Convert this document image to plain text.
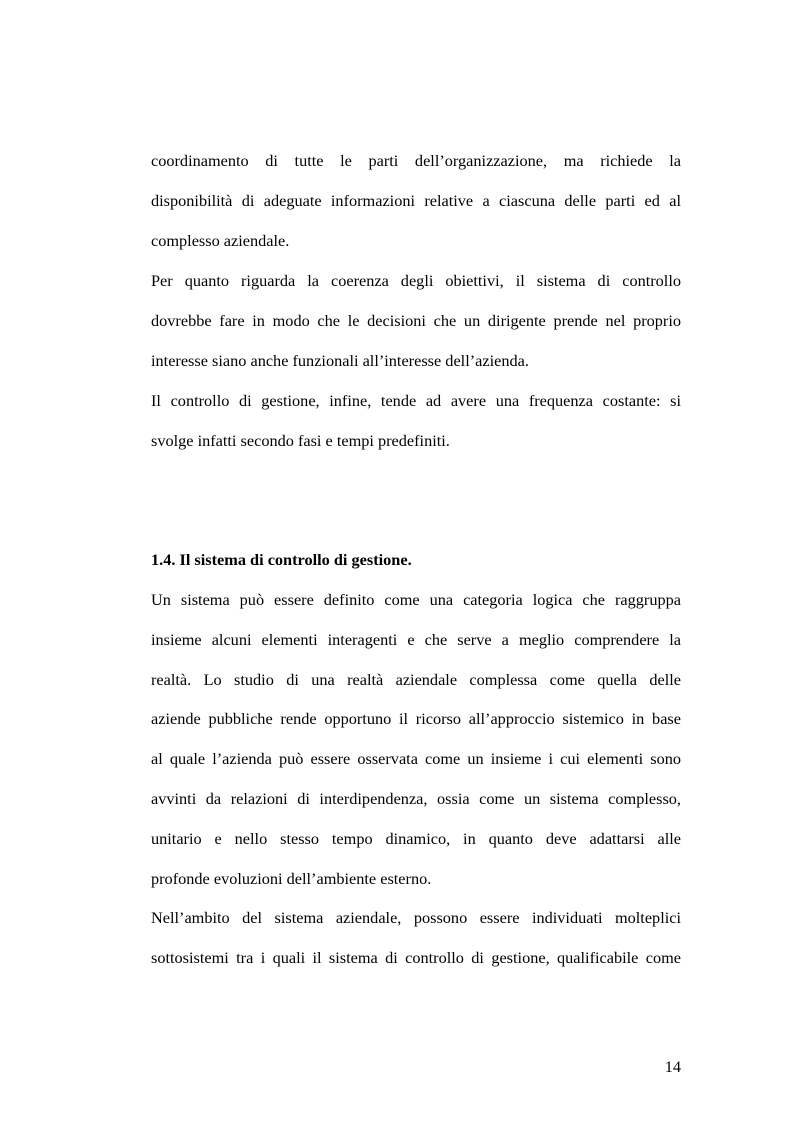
coordinamento di tutte le parti dell’organizzazione, ma richiede la
disponibilità di adeguate informazioni relative a ciascuna delle parti ed al
complesso aziendale.
Per quanto riguarda la coerenza degli obiettivi, il sistema di controllo
dovrebbe fare in modo che le decisioni che un dirigente prende nel proprio
interesse siano anche funzionali all’interesse dell’azienda.
Il controllo di gestione, infine, tende ad avere una frequenza costante: si
svolge infatti secondo fasi e tempi predefiniti.
1.4. Il sistema di controllo di gestione.
Un sistema può essere definito come una categoria logica che raggruppa
insieme alcuni elementi interagenti e che serve a meglio comprendere la
realtà. Lo studio di una realtà aziendale complessa come quella delle
aziende pubbliche rende opportuno il ricorso all’approccio sistemico in base
al quale l’azienda può essere osservata come un insieme i cui elementi sono
avvinti da relazioni di interdipendenza, ossia come un sistema complesso,
unitario e nello stesso tempo dinamico, in quanto deve adattarsi alle
profonde evoluzioni dell’ambiente esterno.
Nell’ambito del sistema aziendale, possono essere individuati molteplici
sottosistemi tra i quali il sistema di controllo di gestione, qualificabile come
14
